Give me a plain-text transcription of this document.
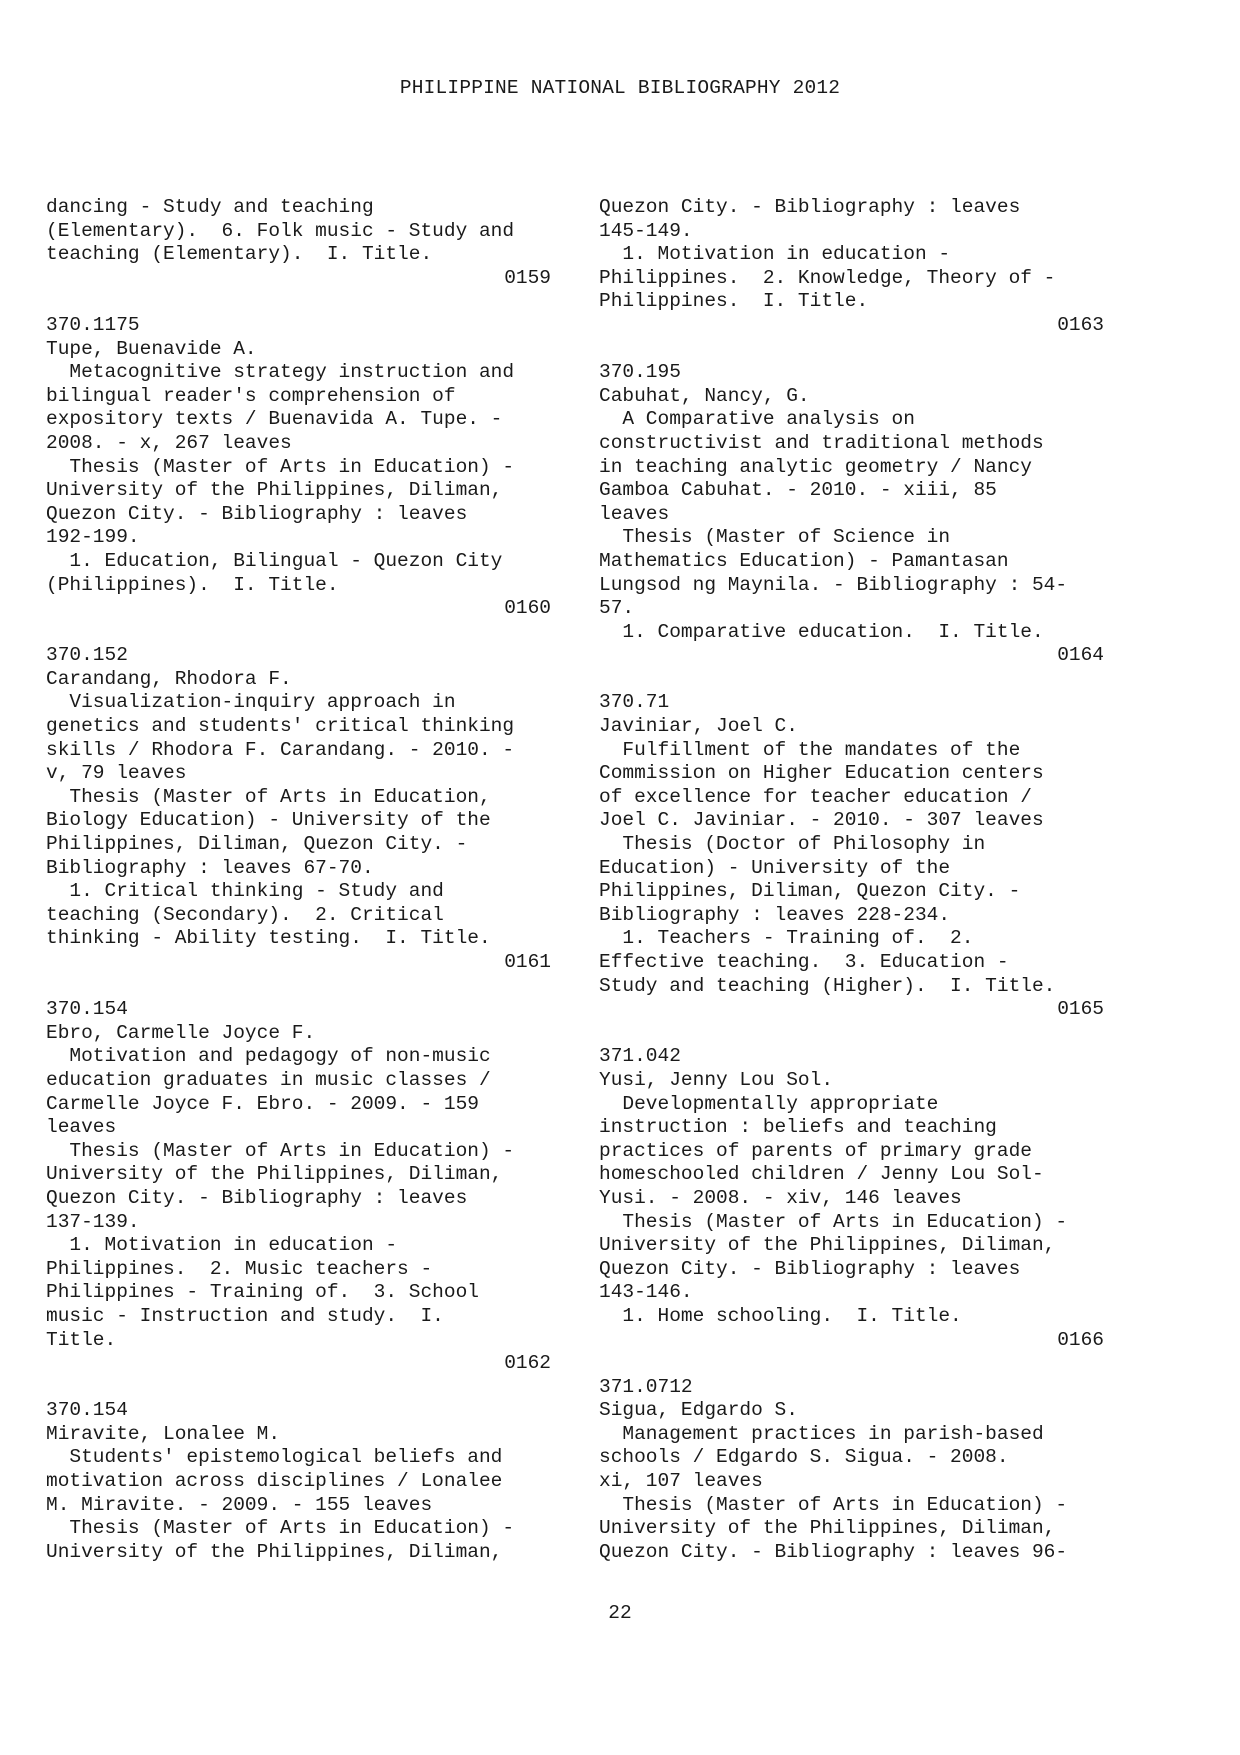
PHILIPPINE NATIONAL BIBLIOGRAPHY 2012
dancing - Study and teaching
(Elementary).  6. Folk music - Study and
teaching (Elementary).  I. Title.
0159
370.1175
Tupe, Buenavide A.
Metacognitive strategy instruction and
bilingual reader's comprehension of
expository texts / Buenavida A. Tupe. -
2008. - x, 267 leaves
Thesis (Master of Arts in Education) -
University of the Philippines, Diliman,
Quezon City. - Bibliography : leaves
192-199.
1. Education, Bilingual - Quezon City
(Philippines).  I. Title.
0160
370.152
Carandang, Rhodora F.
Visualization-inquiry approach in
genetics and students' critical thinking
skills / Rhodora F. Carandang. - 2010. -
v, 79 leaves
Thesis (Master of Arts in Education,
Biology Education) - University of the
Philippines, Diliman, Quezon City. -
Bibliography : leaves 67-70.
1. Critical thinking - Study and
teaching (Secondary).  2. Critical
thinking - Ability testing.  I. Title.
0161
370.154
Ebro, Carmelle Joyce F.
Motivation and pedagogy of non-music
education graduates in music classes /
Carmelle Joyce F. Ebro. - 2009. - 159
leaves
Thesis (Master of Arts in Education) -
University of the Philippines, Diliman,
Quezon City. - Bibliography : leaves
137-139.
1. Motivation in education -
Philippines.  2. Music teachers -
Philippines - Training of.  3. School
music - Instruction and study.  I.
Title.
0162
370.154
Miravite, Lonalee M.
Students' epistemological beliefs and
motivation across disciplines / Lonalee
M. Miravite. - 2009. - 155 leaves
Thesis (Master of Arts in Education) -
University of the Philippines, Diliman,
Quezon City. - Bibliography : leaves
145-149.
1. Motivation in education -
Philippines.  2. Knowledge, Theory of -
Philippines.  I. Title.
0163
370.195
Cabuhat, Nancy, G.
A Comparative analysis on
constructivist and traditional methods
in teaching analytic geometry / Nancy
Gamboa Cabuhat. - 2010. - xiii, 85
leaves
Thesis (Master of Science in
Mathematics Education) - Pamantasan
Lungsod ng Maynila. - Bibliography : 54-
57.
1. Comparative education.  I. Title.
0164
370.71
Javiniar, Joel C.
Fulfillment of the mandates of the
Commission on Higher Education centers
of excellence for teacher education /
Joel C. Javiniar. - 2010. - 307 leaves
Thesis (Doctor of Philosophy in
Education) - University of the
Philippines, Diliman, Quezon City. -
Bibliography : leaves 228-234.
1. Teachers - Training of.  2.
Effective teaching.  3. Education -
Study and teaching (Higher).  I. Title.
0165
371.042
Yusi, Jenny Lou Sol.
Developmentally appropriate
instruction : beliefs and teaching
practices of parents of primary grade
homeschooled children / Jenny Lou Sol-
Yusi. - 2008. - xiv, 146 leaves
Thesis (Master of Arts in Education) -
University of the Philippines, Diliman,
Quezon City. - Bibliography : leaves
143-146.
1. Home schooling.  I. Title.
0166
371.0712
Sigua, Edgardo S.
Management practices in parish-based
schools / Edgardo S. Sigua. - 2008.
xi, 107 leaves
Thesis (Master of Arts in Education) -
University of the Philippines, Diliman,
Quezon City. - Bibliography : leaves 96-
22
